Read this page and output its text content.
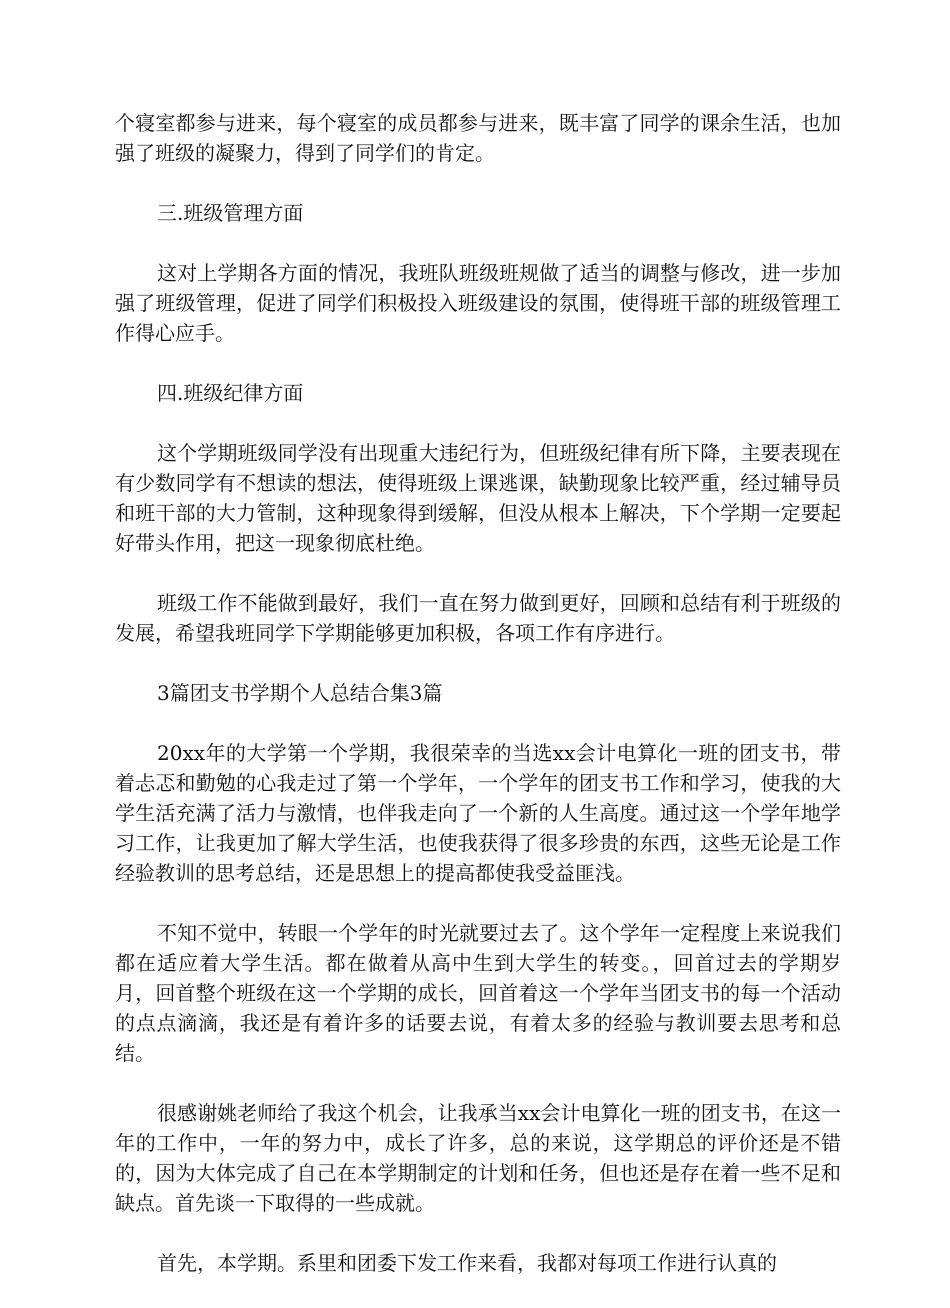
个寝室都参与进来，每个寝室的成员都参与进来，既丰富了同学的课余生活，也加强了班级的凝聚力，得到了同学们的肯定。

三.班级管理方面

这对上学期各方面的情况，我班队班级班规做了适当的调整与修改，进一步加强了班级管理，促进了同学们积极投入班级建设的氛围，使得班干部的班级管理工作得心应手。

四.班级纪律方面

这个学期班级同学没有出现重大违纪行为，但班级纪律有所下降，主要表现在有少数同学有不想读的想法，使得班级上课逃课，缺勤现象比较严重，经过辅导员和班干部的大力管制，这种现象得到缓解，但没从根本上解决，下个学期一定要起好带头作用，把这一现象彻底杜绝。

班级工作不能做到最好，我们一直在努力做到更好，回顾和总结有利于班级的发展，希望我班同学下学期能够更加积极，各项工作有序进行。

3篇团支书学期个人总结合集3篇

20xx年的大学第一个学期，我很荣幸的当选xx会计电算化一班的团支书，带着忐忑和勤勉的心我走过了第一个学年，一个学年的团支书工作和学习，使我的大学生活充满了活力与激情，也伴我走向了一个新的人生高度。通过这一个学年地学习工作，让我更加了解大学生活，也使我获得了很多珍贵的东西，这些无论是工作经验教训的思考总结，还是思想上的提高都使我受益匪浅。

不知不觉中，转眼一个学年的时光就要过去了。这个学年一定程度上来说我们都在适应着大学生活。都在做着从高中生到大学生的转变。，回首过去的学期岁月，回首整个班级在这一个学期的成长，回首着这一个学年当团支书的每一个活动的点点滴滴，我还是有着许多的话要去说，有着太多的经验与教训要去思考和总结。

很感谢姚老师给了我这个机会，让我承当xx会计电算化一班的团支书，在这一年的工作中，一年的努力中，成长了许多，总的来说，这学期总的评价还是不错的，因为大体完成了自己在本学期制定的计划和任务，但也还是存在着一些不足和缺点。首先谈一下取得的一些成就。

首先，本学期。系里和团委下发工作来看，我都对每项工作进行认真的
